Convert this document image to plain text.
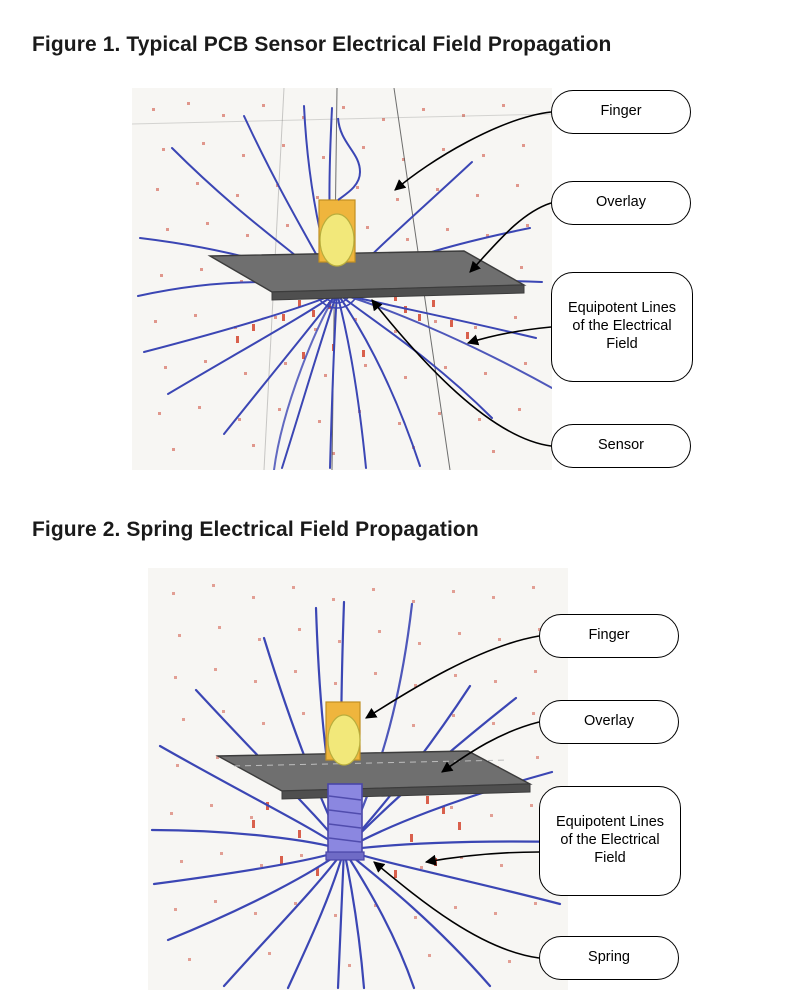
Figure 1. Typical PCB Sensor Electrical Field Propagation
Finger
Overlay
Equipotent Lines of the Electrical Field
Sensor
Figure 2. Spring Electrical Field Propagation
Finger
Overlay
Equipotent Lines of the Electrical Field
Spring
